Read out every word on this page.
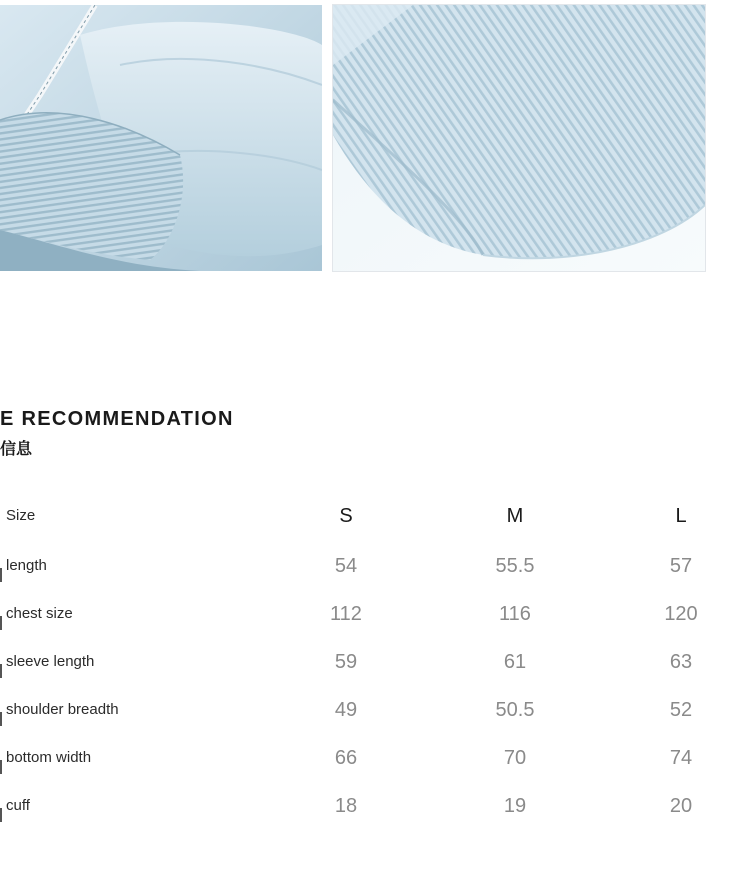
E RECOMMENDATION
信息
Size	S	M	L
length	54	55.5	57
chest size	112	116	120
sleeve length	59	61	63
shoulder breadth	49	50.5	52
bottom width	66	70	74
cuff	18	19	20
